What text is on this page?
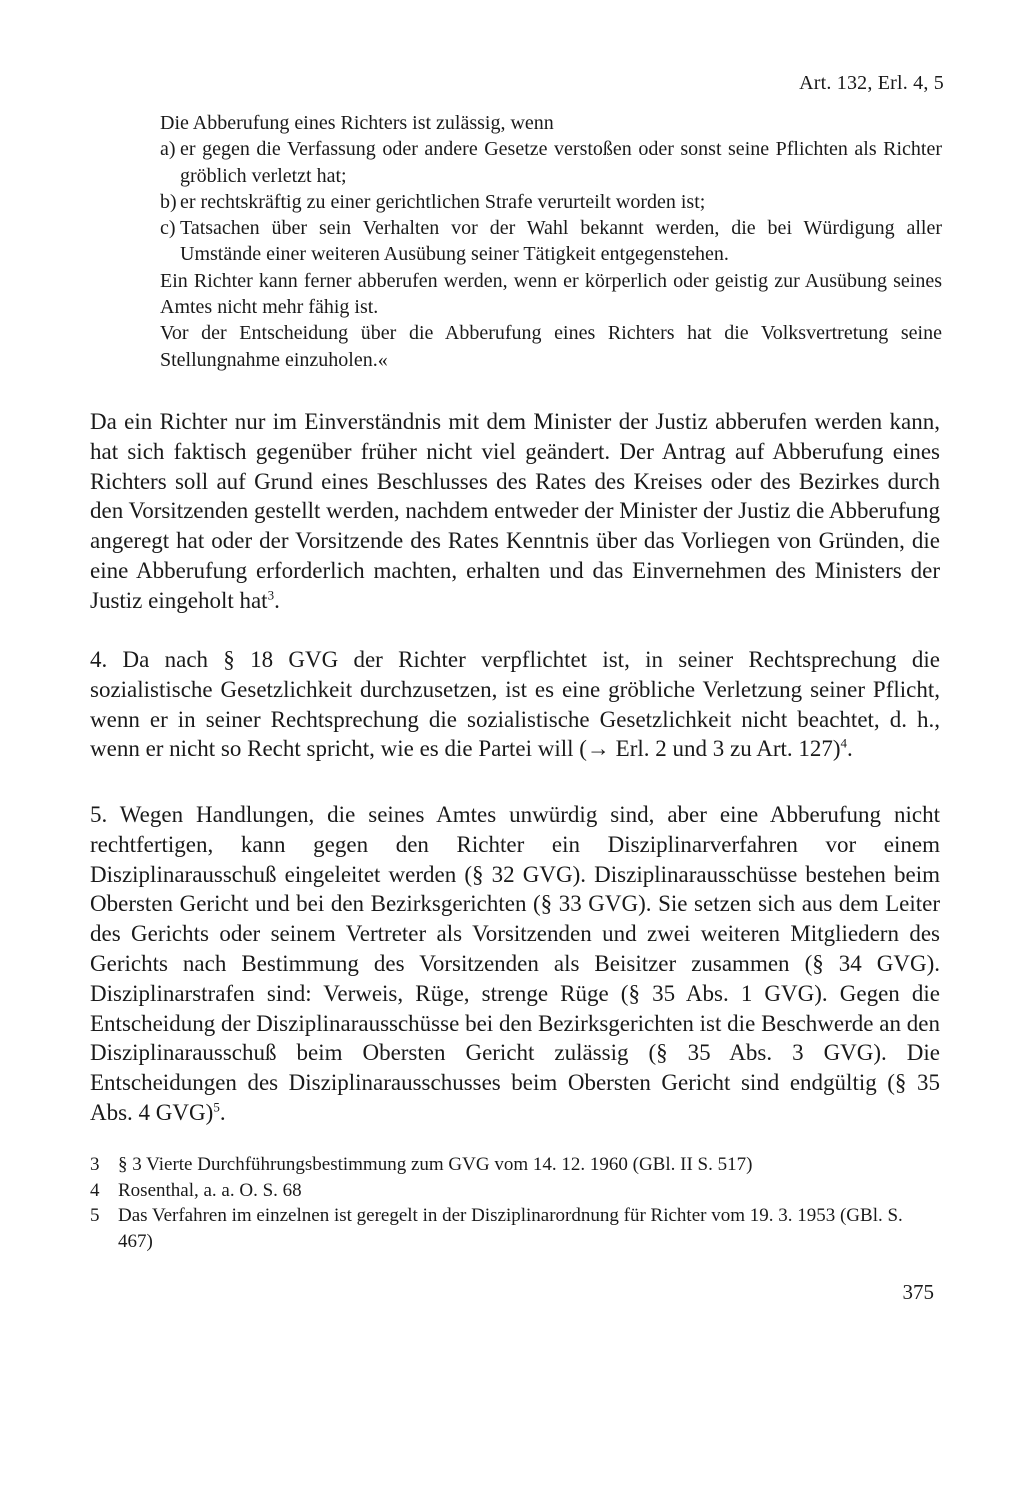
Art. 132, Erl. 4, 5

Die Abberufung eines Richters ist zulässig, wenn

a) er gegen die Verfassung oder andere Gesetze verstoßen oder sonst seine Pflichten als Richter gröblich verletzt hat;
b) er rechtskräftig zu einer gerichtlichen Strafe verurteilt worden ist;
c) Tatsachen über sein Verhalten vor der Wahl bekannt werden, die bei Würdigung aller Umstände einer weiteren Ausübung seiner Tätigkeit entgegenstehen.

Ein Richter kann ferner abberufen werden, wenn er körperlich oder geistig zur Ausübung seines Amtes nicht mehr fähig ist.

Vor der Entscheidung über die Abberufung eines Richters hat die Volksvertretung seine Stellungnahme einzuholen.«

Da ein Richter nur im Einverständnis mit dem Minister der Justiz abberufen werden kann, hat sich faktisch gegenüber früher nicht viel geändert. Der Antrag auf Abberufung eines Richters soll auf Grund eines Beschlusses des Rates des Kreises oder des Bezirkes durch den Vorsitzenden gestellt werden, nachdem entweder der Minister der Justiz die Abberufung angeregt hat oder der Vorsitzende des Rates Kenntnis über das Vorliegen von Gründen, die eine Abberufung erforderlich machten, erhalten und das Einvernehmen des Ministers der Justiz eingeholt hat$^3$.

4. Da nach § 18 GVG der Richter verpflichtet ist, in seiner Rechtsprechung die sozialistische Gesetzlichkeit durchzusetzen, ist es eine gröbliche Verletzung seiner Pflicht, wenn er in seiner Rechtsprechung die sozialistische Gesetzlichkeit nicht beachtet, d. h., wenn er nicht so Recht spricht, wie es die Partei will (→ Erl. 2 und 3 zu Art. 127)$^4$.

5. Wegen Handlungen, die seines Amtes unwürdig sind, aber eine Abberufung nicht rechtfertigen, kann gegen den Richter ein Disziplinarverfahren vor einem Disziplinarausschuß eingeleitet werden (§ 32 GVG). Disziplinarausschüsse bestehen beim Obersten Gericht und bei den Bezirksgerichten (§ 33 GVG). Sie setzen sich aus dem Leiter des Gerichts oder seinem Vertreter als Vorsitzenden und zwei weiteren Mitgliedern des Gerichts nach Bestimmung des Vorsitzenden als Beisitzer zusammen (§ 34 GVG). Disziplinarstrafen sind: Verweis, Rüge, strenge Rüge (§ 35 Abs. 1 GVG). Gegen die Entscheidung der Disziplinarausschüsse bei den Bezirksgerichten ist die Beschwerde an den Disziplinarausschuß beim Obersten Gericht zulässig (§ 35 Abs. 3 GVG). Die Entscheidungen des Disziplinarausschusses beim Obersten Gericht sind endgültig (§ 35 Abs. 4 GVG)$^5$.

3 § 3 Vierte Durchführungsbestimmung zum GVG vom 14. 12. 1960 (GBl. II S. 517)
4 Rosenthal, a. a. O. S. 68
5 Das Verfahren im einzelnen ist geregelt in der Disziplinarordnung für Richter vom 19. 3. 1953 (GBl. S. 467)
375
